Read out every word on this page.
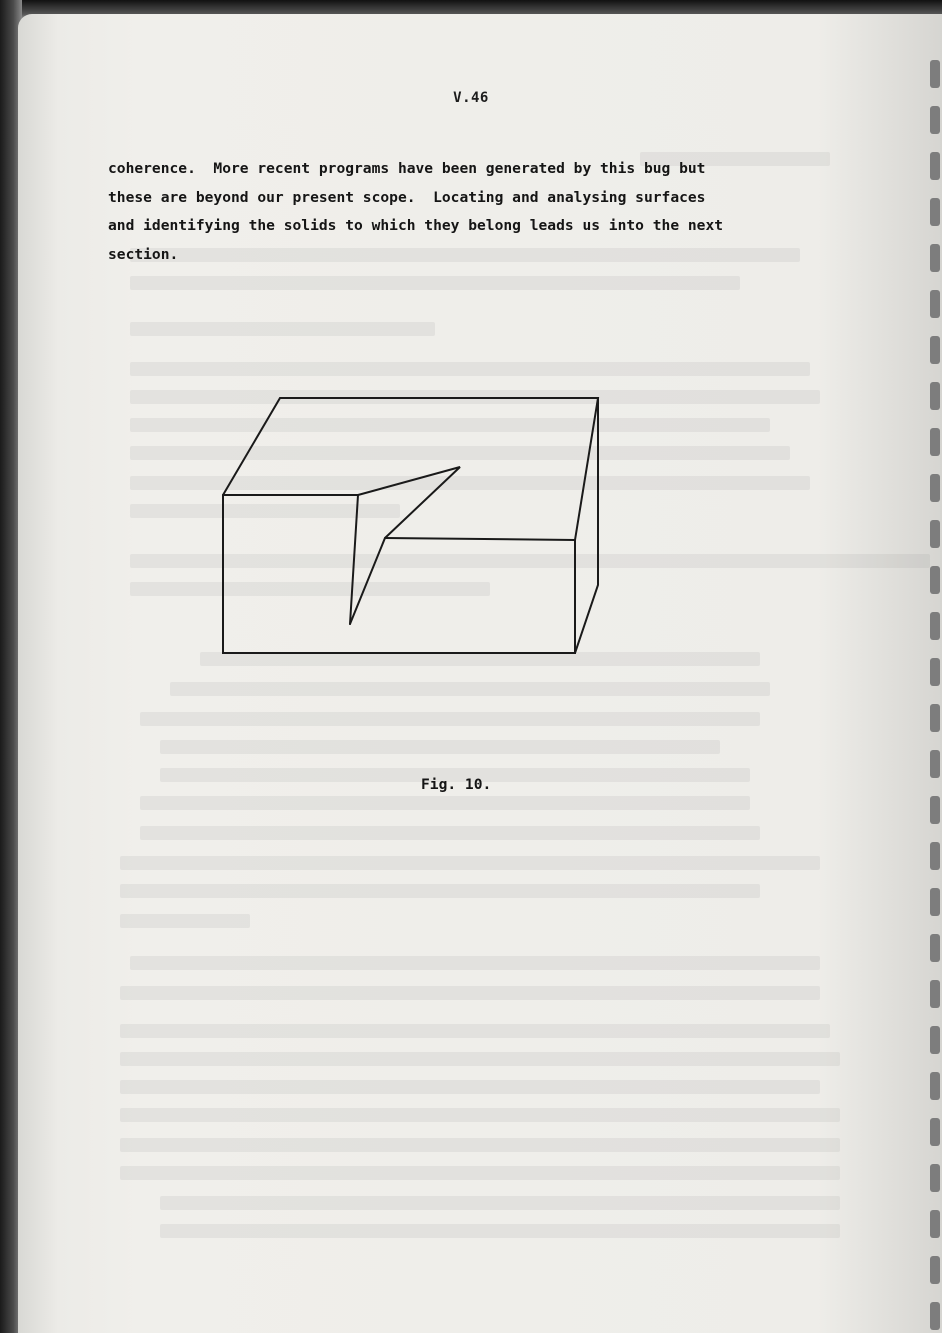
V.46
coherence.  More recent programs have been generated by this bug but
these are beyond our present scope.  Locating and analysing surfaces
and identifying the solids to which they belong leads us into the next
section.
Fig. 10.
